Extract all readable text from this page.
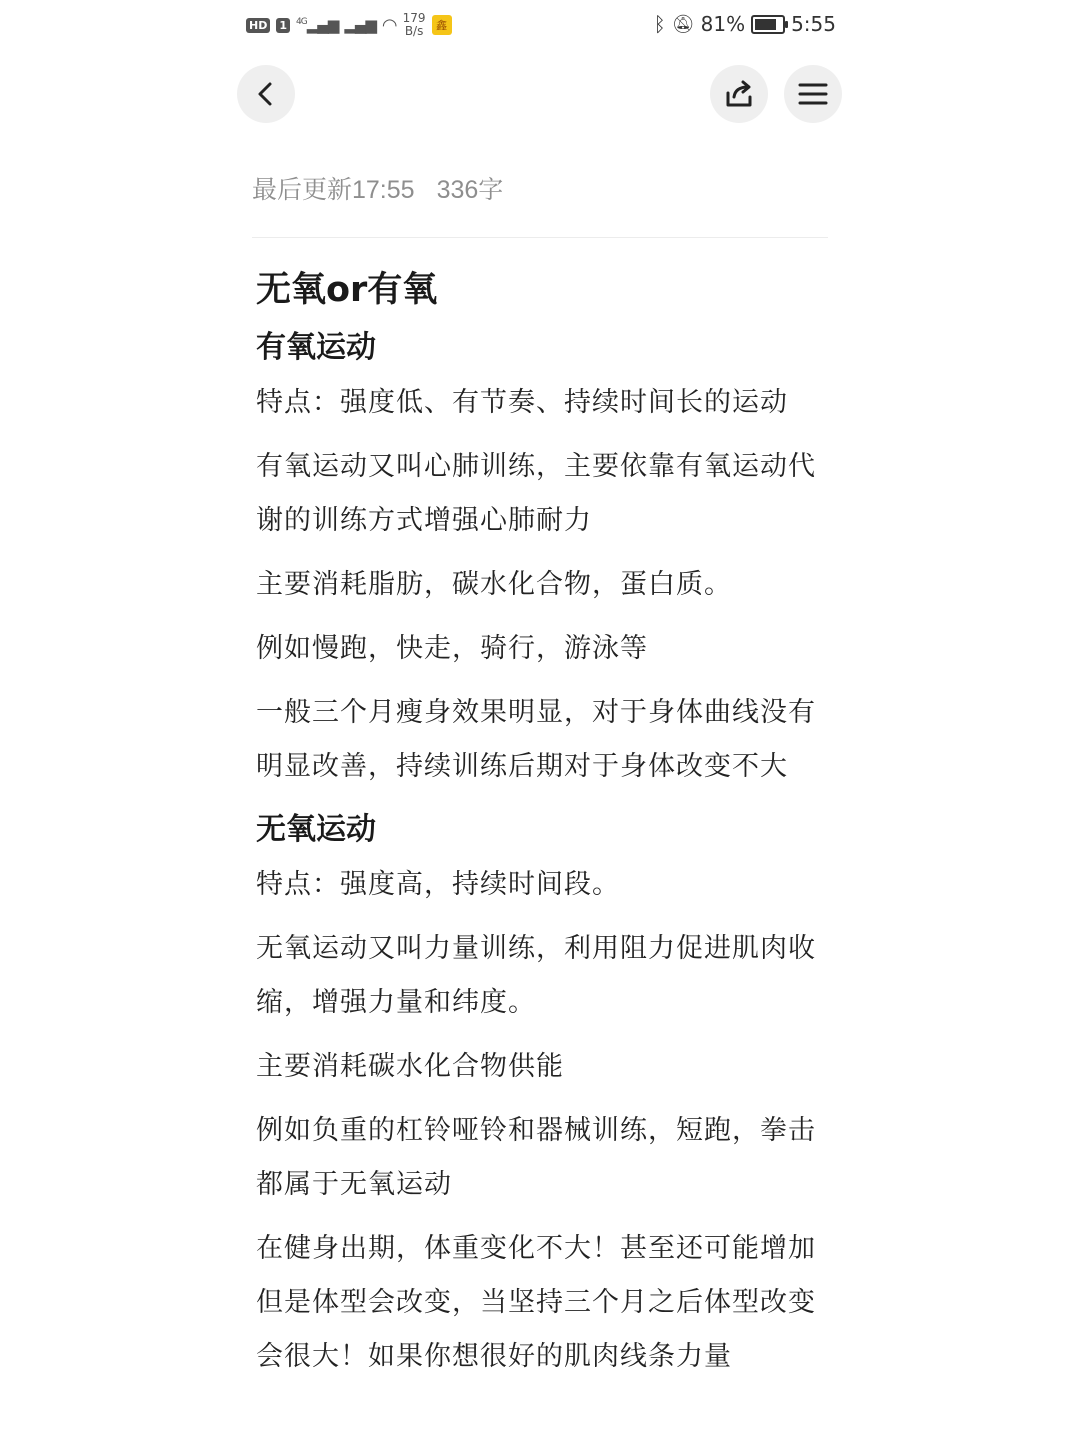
HD 1	$^{4G}$▂▄▆ ▂▄▆ ◠ 179
B/s	鑫	ᛒ 🔕︎ 81% 5:55
最后更新17:55 336字
无氧or有氧
有氧运动

特点：强度低、有节奏、持续时间长的运动

有氧运动又叫心肺训练，主要依靠有氧运动代谢的训练方式增强心肺耐力

主要消耗脂肪，碳水化合物，蛋白质。

例如慢跑，快走，骑行，游泳等

一般三个月瘦身效果明显，对于身体曲线没有明显改善，持续训练后期对于身体改变不大

无氧运动

特点：强度高，持续时间段。

无氧运动又叫力量训练，利用阻力促进肌肉收缩，增强力量和纬度。

主要消耗碳水化合物供能

例如负重的杠铃哑铃和器械训练，短跑，拳击都属于无氧运动

在健身出期，体重变化不大！甚至还可能增加但是体型会改变，当坚持三个月之后体型改变会很大！如果你想很好的肌肉线条力量
